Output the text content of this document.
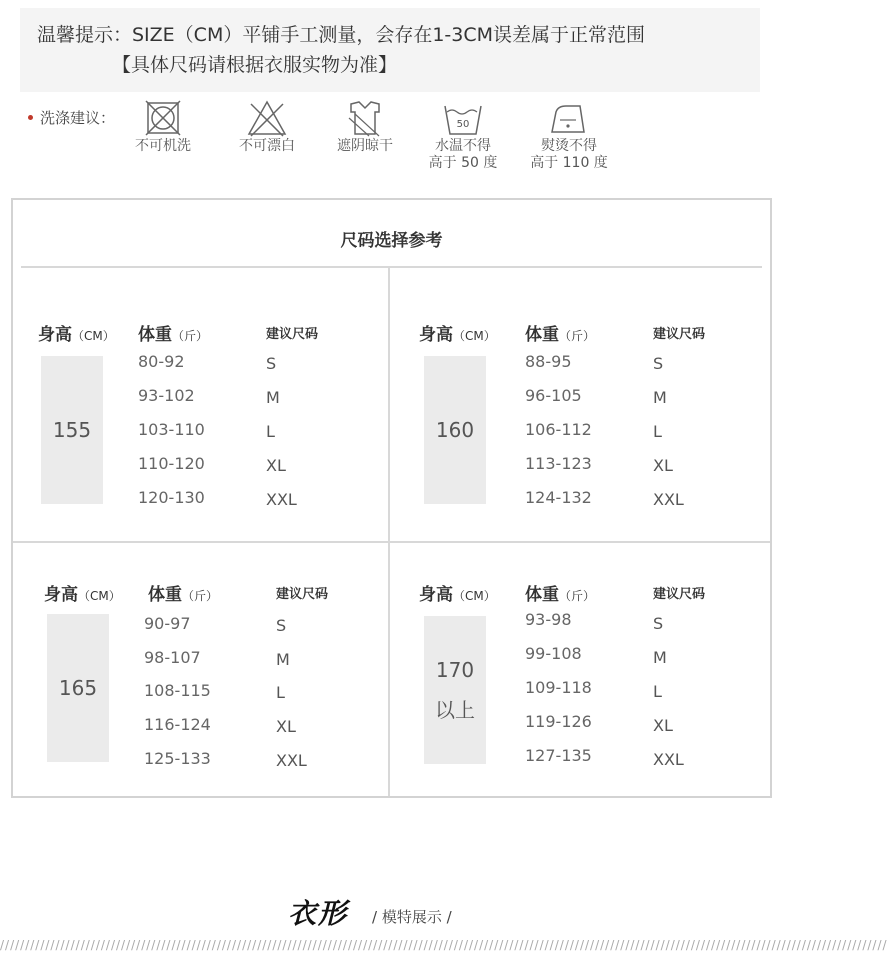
温馨提示：SIZE（CM）平铺手工测量，会存在1-3CM误差属于正常范围
【具体尺码请根据衣服实物为准】
洗涤建议：
不可机洗	不可漂白	遮阴晾干
50
水温不得
高于 50 度
熨烫不得
高于 110 度
尺码选择参考
身高（CM） 体重（斤）	建议尺码
155
80-92	S
93-102	M
103-110	L
110-120	XL
120-130	XXL
身高（CM） 体重（斤）	建议尺码
160
88-95	S
96-105	M
106-112	L
113-123	XL
124-132	XXL
身高（CM） 体重（斤）	建议尺码
165
90-97	S
98-107	M
108-115	L
116-124	XL
125-133	XXL
身高（CM） 体重（斤）	建议尺码
170
以上
93-98	S
99-108	M
109-118	L
119-126	XL
127-135	XXL
衣形 / 模特展示 /
////////////////////////////////////////////////////////////////////////////////////////////////////////////////////////////////////////////////////////////////////////////////
